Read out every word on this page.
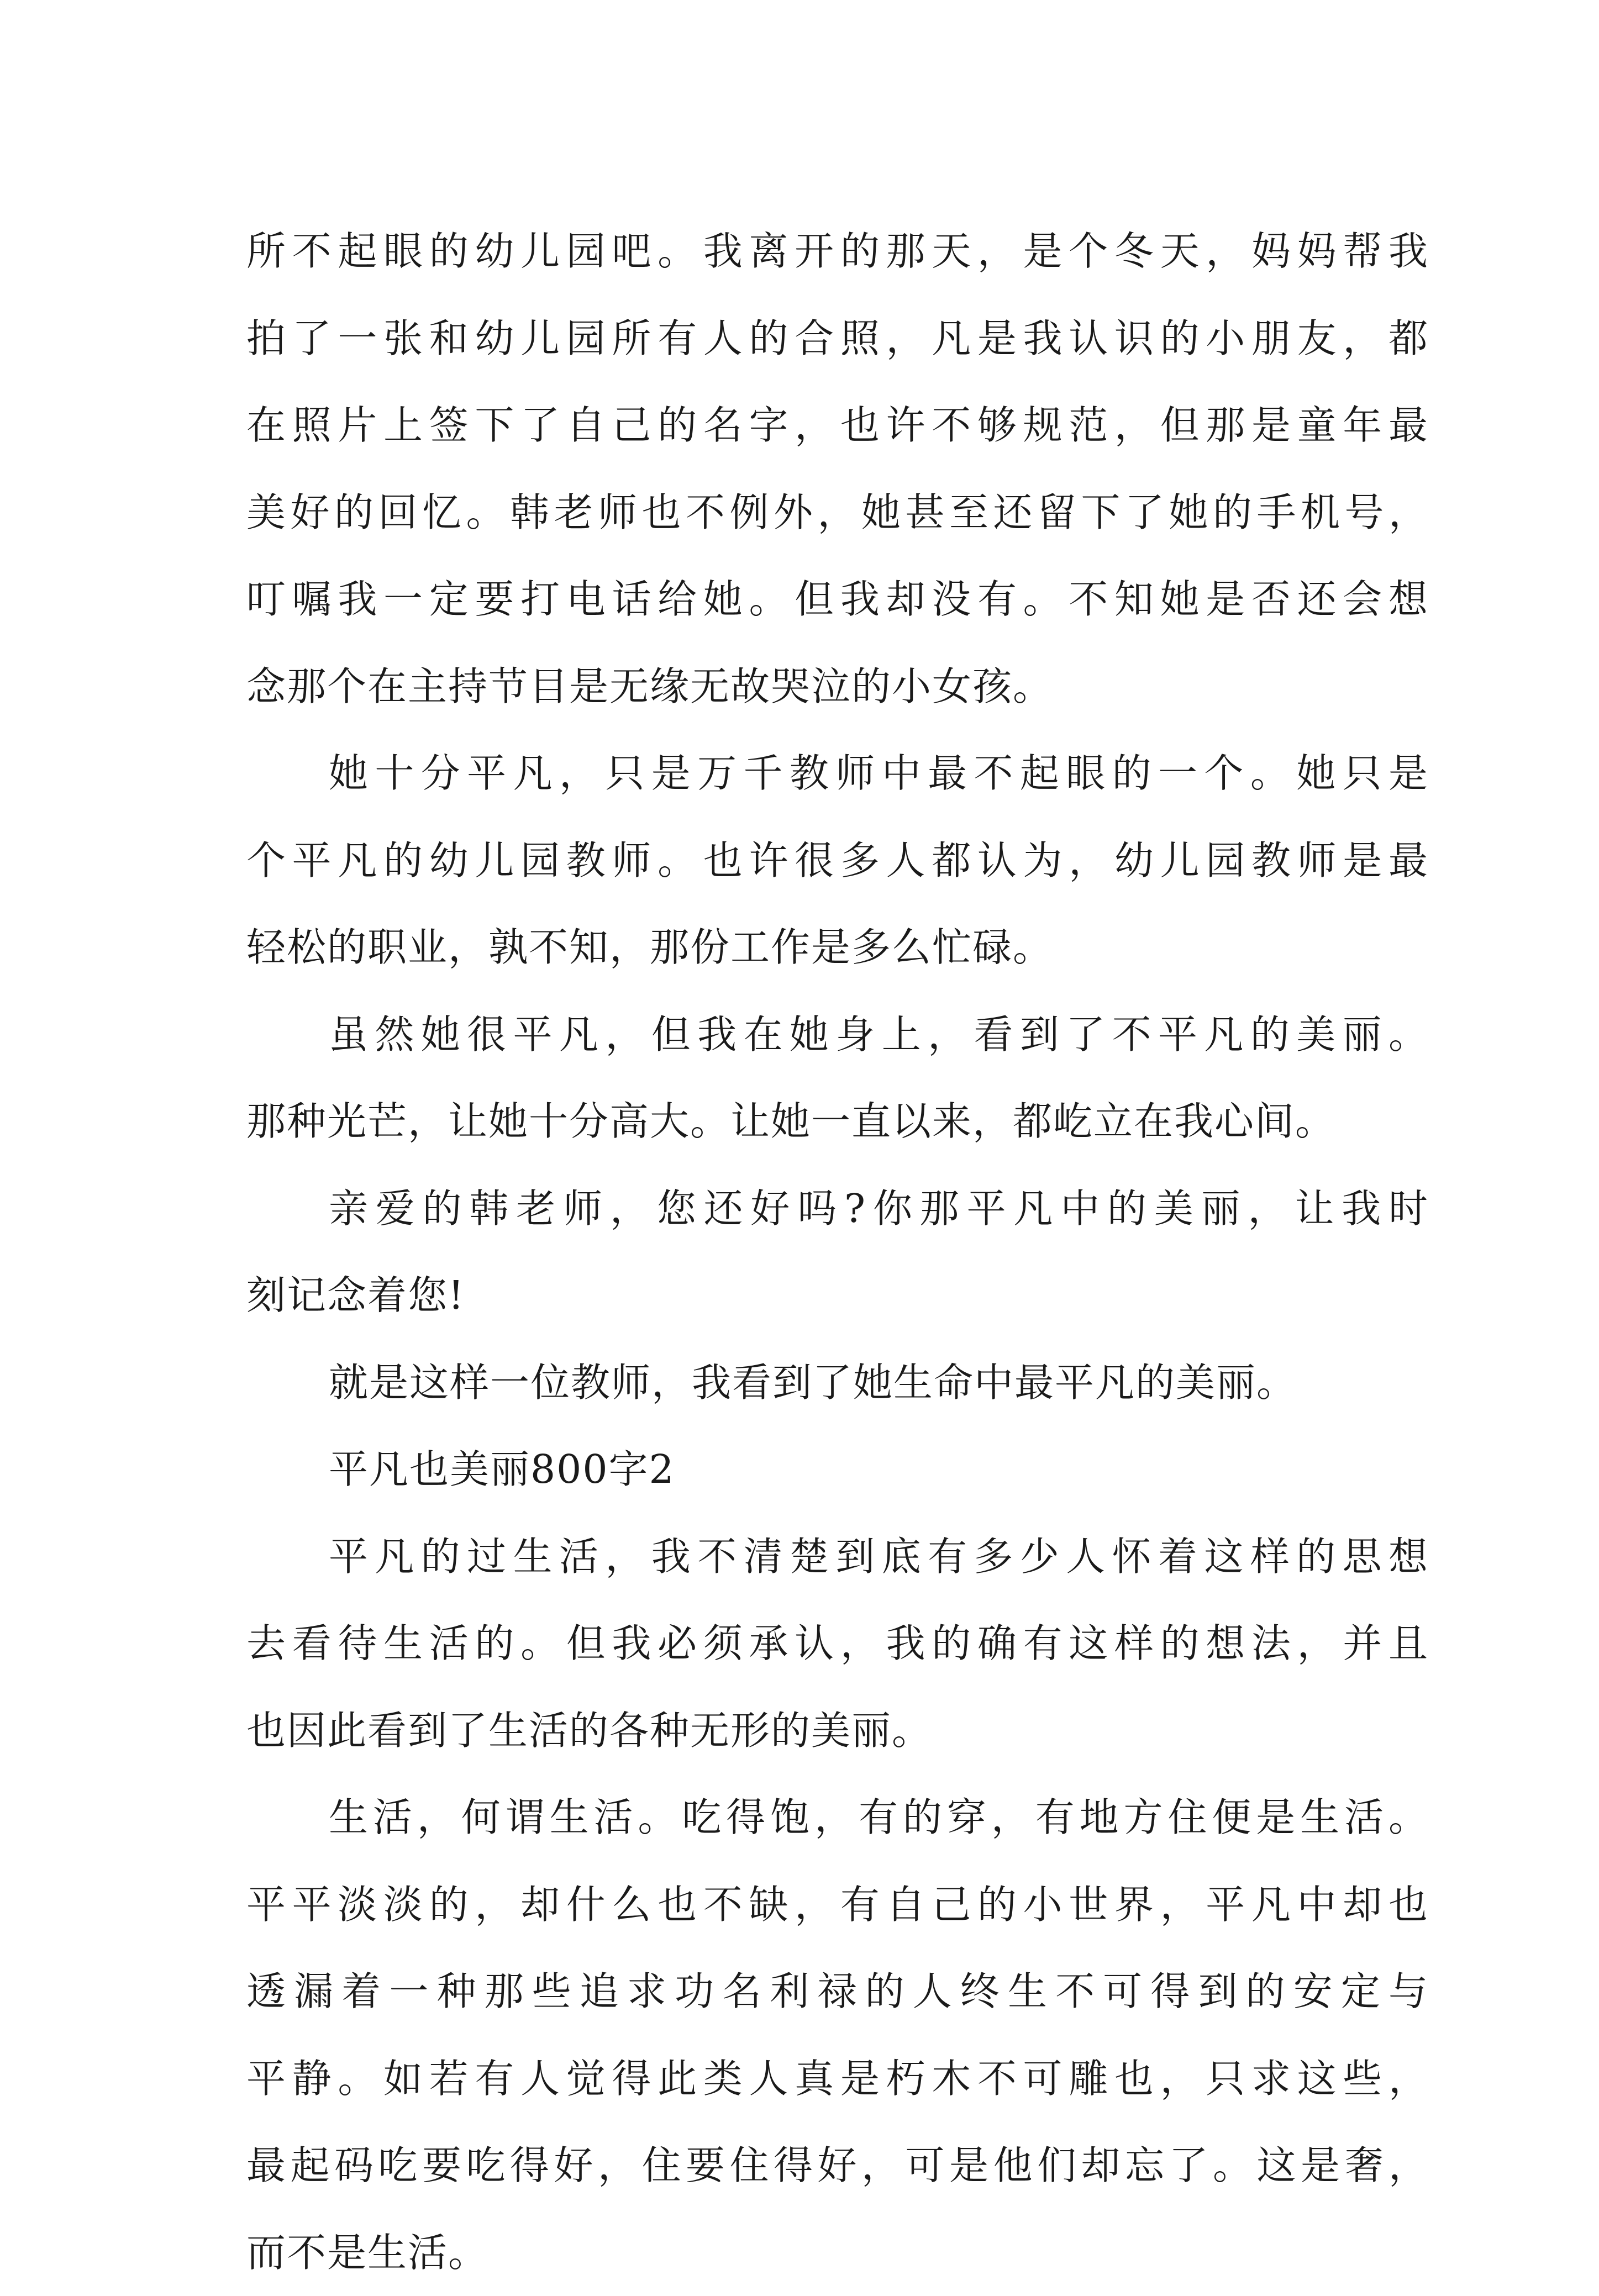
所不起眼的幼儿园吧。我离开的那天，是个冬天，妈妈帮我
拍了一张和幼儿园所有人的合照，凡是我认识的小朋友，都
在照片上签下了自己的名字，也许不够规范，但那是童年最
美好的回忆。韩老师也不例外，她甚至还留下了她的手机号，
叮嘱我一定要打电话给她。但我却没有。不知她是否还会想
念那个在主持节目是无缘无故哭泣的小女孩。

她十分平凡，只是万千教师中最不起眼的一个。她只是
个平凡的幼儿园教师。也许很多人都认为，幼儿园教师是最
轻松的职业，孰不知，那份工作是多么忙碌。

虽然她很平凡，但我在她身上，看到了不平凡的美丽。
那种光芒，让她十分高大。让她一直以来，都屹立在我心间。

亲爱的韩老师，您还好吗?你那平凡中的美丽，让我时
刻记念着您!

就是这样一位教师，我看到了她生命中最平凡的美丽。

平凡也美丽800字2

平凡的过生活，我不清楚到底有多少人怀着这样的思想
去看待生活的。但我必须承认，我的确有这样的想法，并且
也因此看到了生活的各种无形的美丽。

生活，何谓生活。吃得饱，有的穿，有地方住便是生活。
平平淡淡的，却什么也不缺，有自己的小世界，平凡中却也
透漏着一种那些追求功名利禄的人终生不可得到的安定与
平静。如若有人觉得此类人真是朽木不可雕也，只求这些，
最起码吃要吃得好，住要住得好，可是他们却忘了。这是奢，
而不是生活。
